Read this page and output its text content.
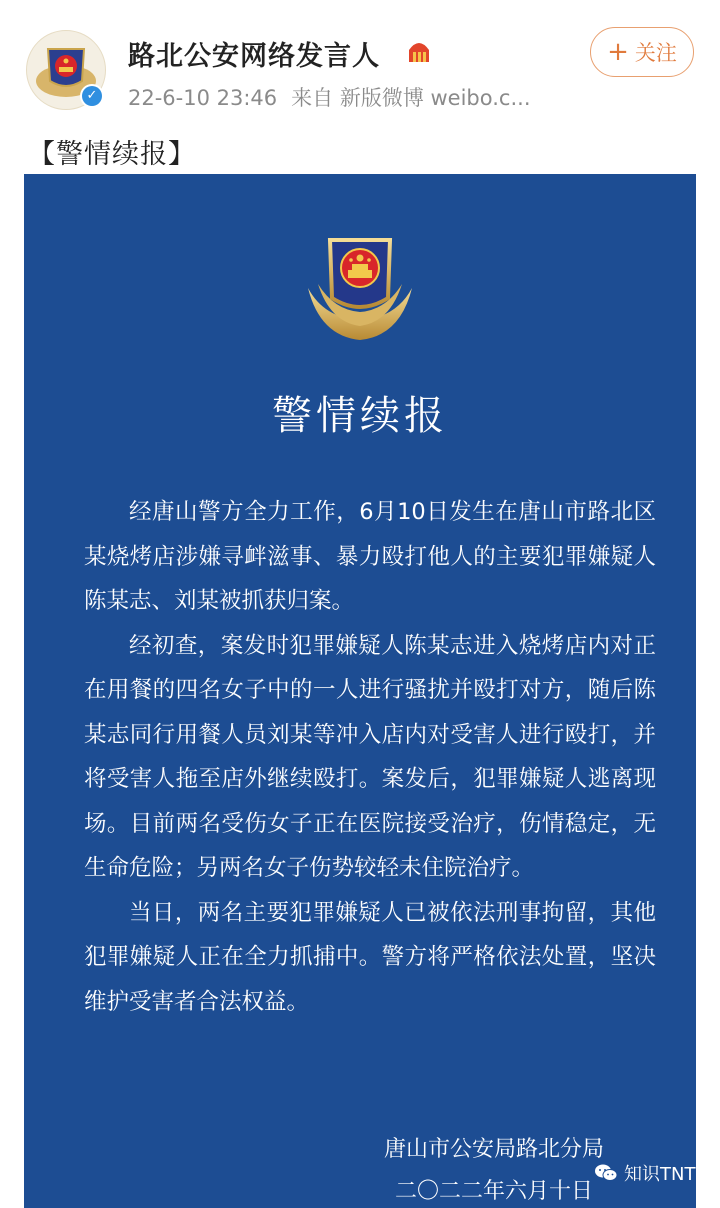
✓
路北公安网络发言人
22-6-10 23:46 来自 新版微博 weibo.c...
+ 关注
【警情续报】
警情续报

经唐山警方全力工作，6月10日发生在唐山市路北区某烧烤店涉嫌寻衅滋事、暴力殴打他人的主要犯罪嫌疑人陈某志、刘某被抓获归案。

经初查，案发时犯罪嫌疑人陈某志进入烧烤店内对正在用餐的四名女子中的一人进行骚扰并殴打对方，随后陈某志同行用餐人员刘某等冲入店内对受害人进行殴打，并将受害人拖至店外继续殴打。案发后，犯罪嫌疑人逃离现场。目前两名受伤女子正在医院接受治疗，伤情稳定，无生命危险；另两名女子伤势较轻未住院治疗。

当日，两名主要犯罪嫌疑人已被依法刑事拘留，其他犯罪嫌疑人正在全力抓捕中。警方将严格依法处置，坚决维护受害者合法权益。

唐山市公安局路北分局
二〇二二年六月十日
知识TNT
